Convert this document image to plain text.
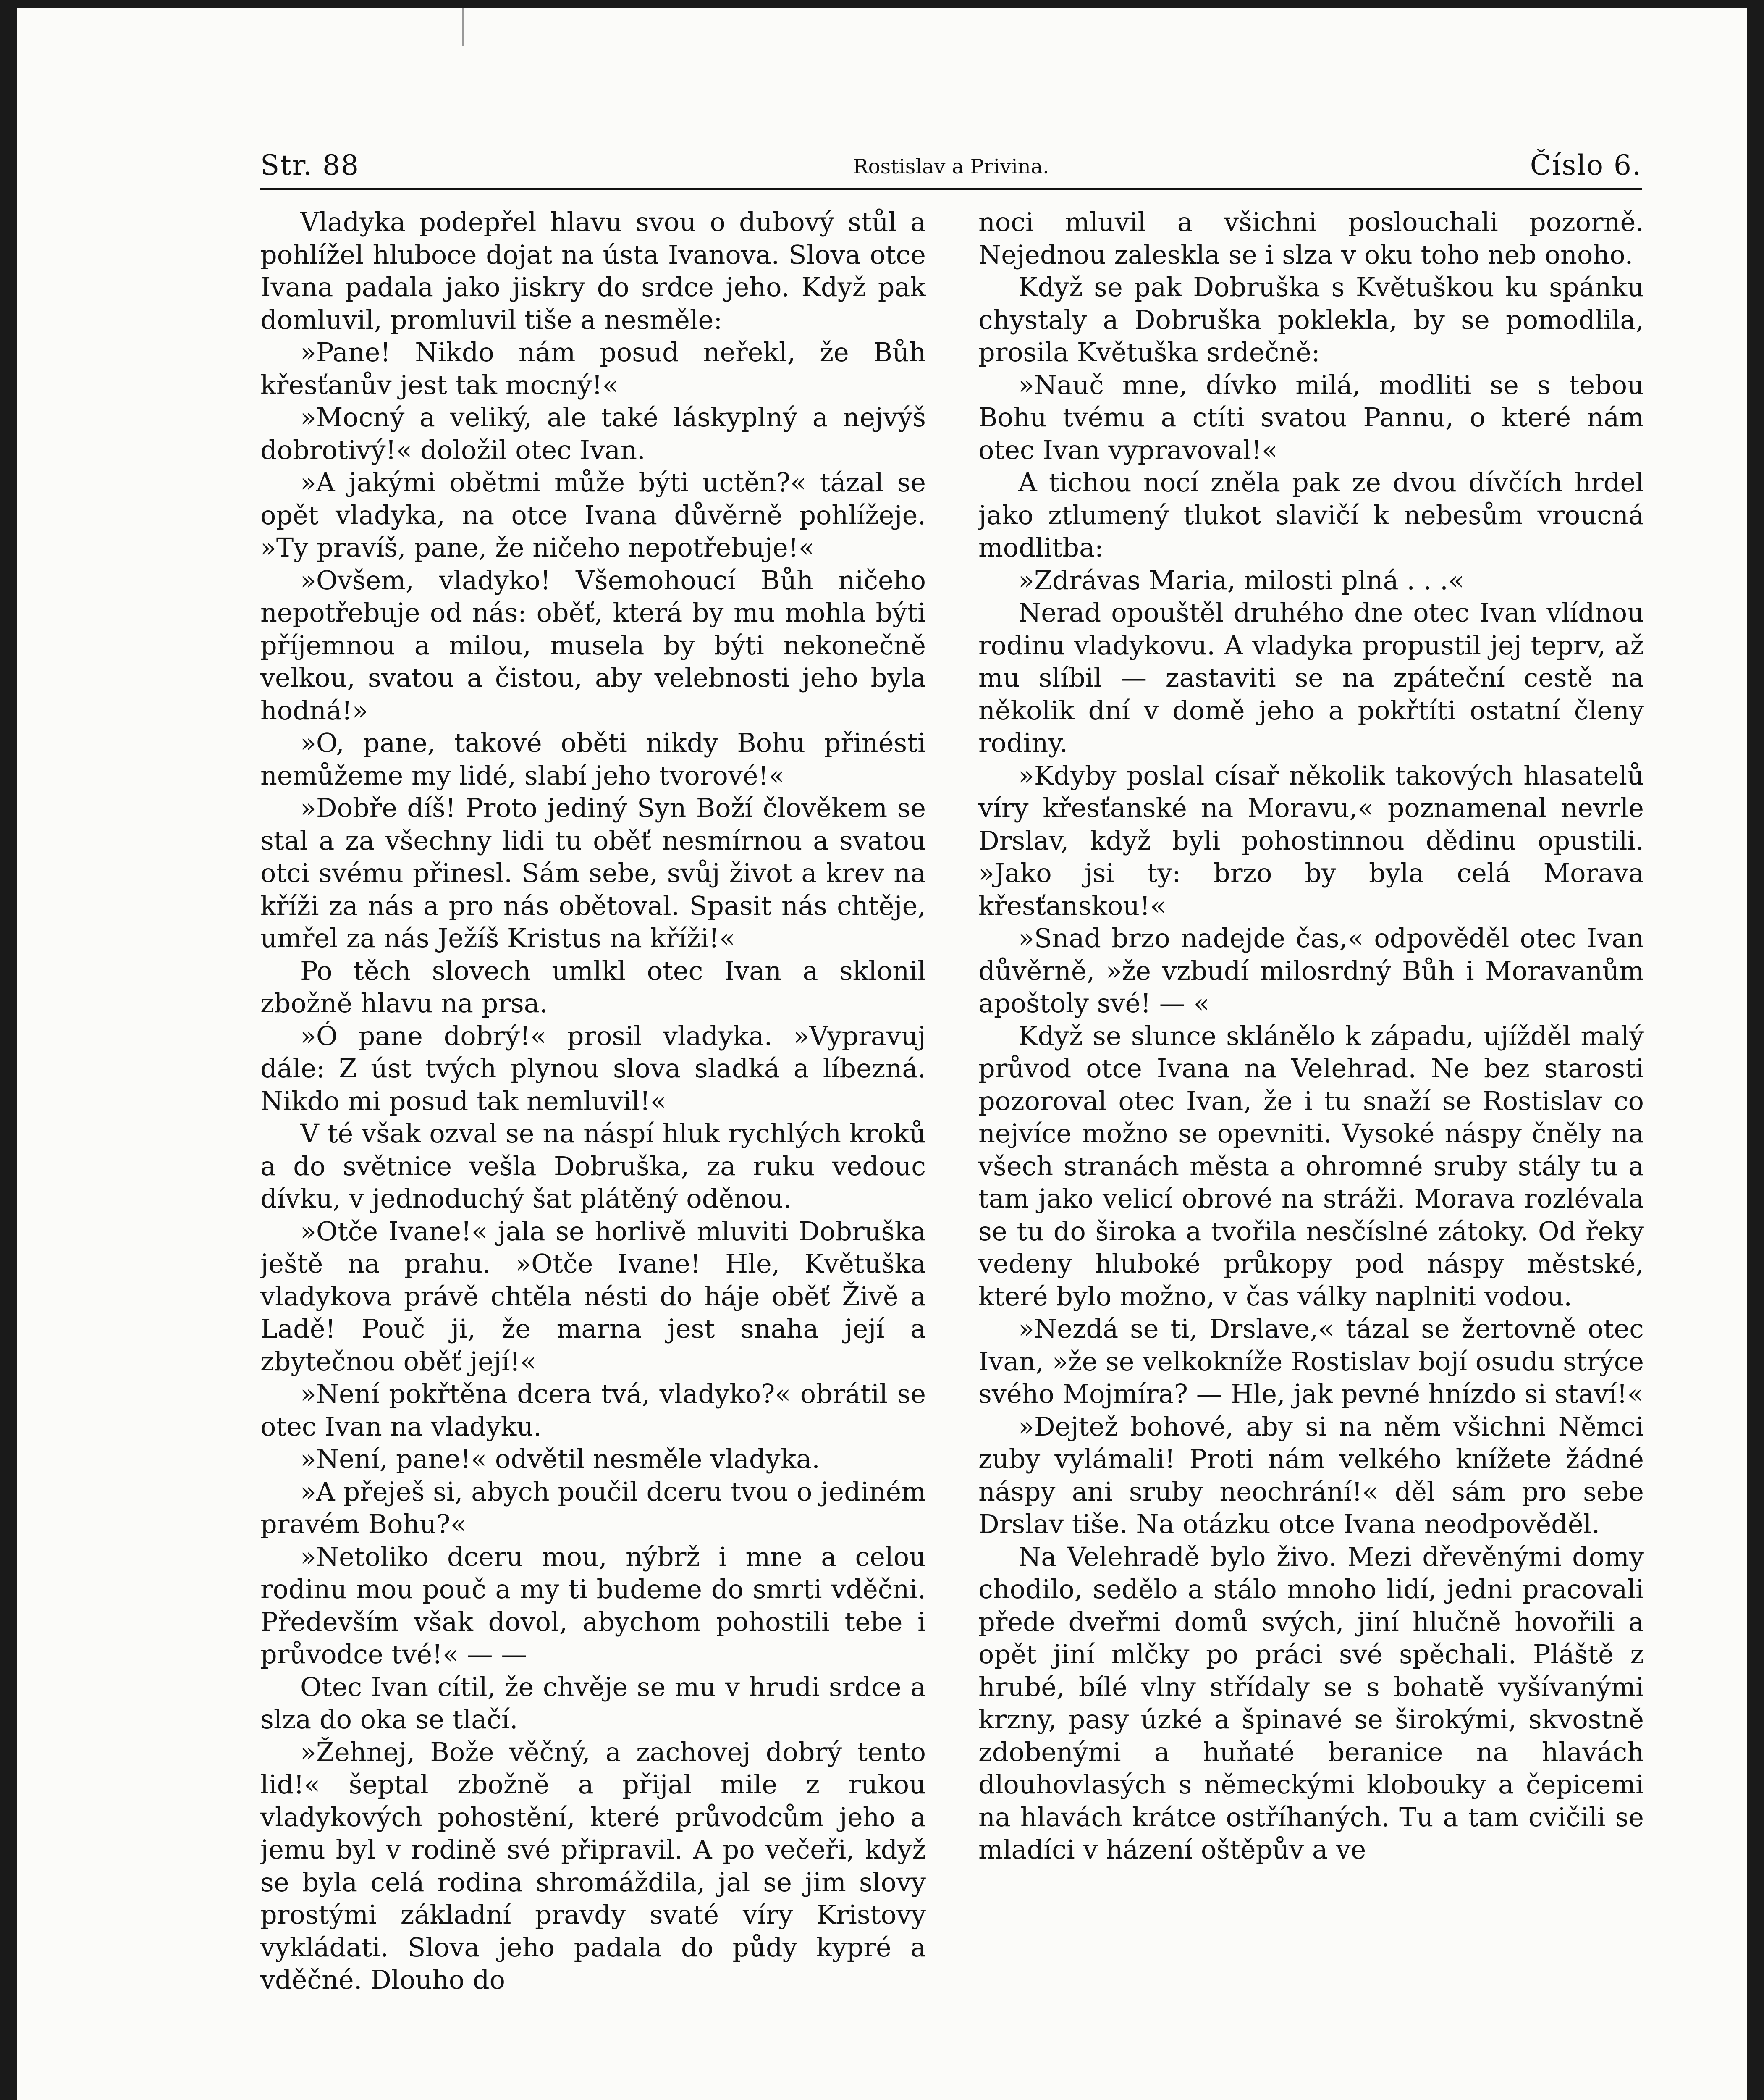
Str. 88	Rostislav a Privina.	Číslo 6.

Vladyka podepřel hlavu svou o dubový stůl a pohlížel hluboce dojat na ústa Ivanova. Slova otce Ivana padala jako jiskry do srdce jeho. Když pak domluvil, promluvil tiše a nesměle:

»Pane! Nikdo nám posud neřekl, že Bůh křesťanův jest tak mocný!«

»Mocný a veliký, ale také láskyplný a nejvýš dobrotivý!« doložil otec Ivan.

»A jakými obětmi může býti uctěn?« tázal se opět vladyka, na otce Ivana důvěrně pohlížeje. »Ty pravíš, pane, že ničeho nepotřebuje!«

»Ovšem, vladyko! Všemohoucí Bůh ničeho nepotřebuje od nás: oběť, která by mu mohla býti příjemnou a milou, musela by býti nekonečně velkou, svatou a čistou, aby velebnosti jeho byla hodná!»

»O, pane, takové oběti nikdy Bohu přinésti nemůžeme my lidé, slabí jeho tvorové!«

»Dobře díš! Proto jediný Syn Boží člověkem se stal a za všechny lidi tu oběť nesmírnou a svatou otci svému přinesl. Sám sebe, svůj život a krev na kříži za nás a pro nás obětoval. Spasit nás chtěje, umřel za nás Ježíš Kristus na kříži!«

Po těch slovech umlkl otec Ivan a sklonil zbožně hlavu na prsa.

»Ó pane dobrý!« prosil vladyka. »Vypravuj dále: Z úst tvých plynou slova sladká a líbezná. Nikdo mi posud tak nemluvil!«

V té však ozval se na náspí hluk rychlých kroků a do světnice vešla Dobruška, za ruku vedouc dívku, v jednoduchý šat plátěný oděnou.

»Otče Ivane!« jala se horlivě mluviti Dobruška ještě na prahu. »Otče Ivane! Hle, Květuška vladykova právě chtěla nésti do háje oběť Živě a Ladě! Pouč ji, že marna jest snaha její a zbytečnou oběť její!«

»Není pokřtěna dcera tvá, vladyko?« obrátil se otec Ivan na vladyku.

»Není, pane!« odvětil nesměle vladyka.

»A přeješ si, abych poučil dceru tvou o jediném pravém Bohu?«

»Netoliko dceru mou, nýbrž i mne a celou rodinu mou pouč a my ti budeme do smrti vděčni. Především však dovol, abychom pohostili tebe i průvodce tvé!« — —

Otec Ivan cítil, že chvěje se mu v hrudi srdce a slza do oka se tlačí.

»Žehnej, Bože věčný, a zachovej dobrý tento lid!« šeptal zbožně a přijal mile z rukou vladykových pohostění, které průvodcům jeho a jemu byl v rodině své připravil. A po večeři, když se byla celá rodina shromáždila, jal se jim slovy prostými základní pravdy svaté víry Kristovy vykládati. Slova jeho padala do půdy kypré a vděčné. Dlouho do

noci mluvil a všichni poslouchali pozorně. Nejednou zaleskla se i slza v oku toho neb onoho.

Když se pak Dobruška s Květuškou ku spánku chystaly a Dobruška poklekla, by se pomodlila, prosila Květuška srdečně:

»Nauč mne, dívko milá, modliti se s tebou Bohu tvému a ctíti svatou Pannu, o které nám otec Ivan vypravoval!«

A tichou nocí zněla pak ze dvou dívčích hrdel jako ztlumený tlukot slavičí k nebesům vroucná modlitba:

»Zdrávas Maria, milosti plná . . .«

Nerad opouštěl druhého dne otec Ivan vlídnou rodinu vladykovu. A vladyka propustil jej teprv, až mu slíbil — zastaviti se na zpáteční cestě na několik dní v domě jeho a pokřtíti ostatní členy rodiny.

»Kdyby poslal císař několik takových hlasatelů víry křesťanské na Moravu,« poznamenal nevrle Drslav, když byli pohostinnou dědinu opustili. »Jako jsi ty: brzo by byla celá Morava křesťanskou!«

»Snad brzo nadejde čas,« odpověděl otec Ivan důvěrně, »že vzbudí milosrdný Bůh i Moravanům apoštoly své! — «

Když se slunce sklánělo k západu, ujížděl malý průvod otce Ivana na Velehrad. Ne bez starosti pozoroval otec Ivan, že i tu snaží se Rostislav co nejvíce možno se opevniti. Vysoké náspy čněly na všech stranách města a ohromné sruby stály tu a tam jako velicí obrové na stráži. Morava rozlévala se tu do široka a tvořila nesčíslné zátoky. Od řeky vedeny hluboké průkopy pod náspy městské, které bylo možno, v čas války naplniti vodou.

»Nezdá se ti, Drslave,« tázal se žertovně otec Ivan, »že se velkokníže Rostislav bojí osudu strýce svého Mojmíra? — Hle, jak pevné hnízdo si staví!«

»Dejtež bohové, aby si na něm všichni Němci zuby vylámali! Proti nám velkého knížete žádné náspy ani sruby neochrání!« děl sám pro sebe Drslav tiše. Na otázku otce Ivana neodpověděl.

Na Velehradě bylo živo. Mezi dřevěnými domy chodilo, sedělo a stálo mnoho lidí, jedni pracovali přede dveřmi domů svých, jiní hlučně hovořili a opět jiní mlčky po práci své spěchali. Pláště z hrubé, bílé vlny střídaly se s bohatě vyšívanými krzny, pasy úzké a špinavé se širokými, skvostně zdobenými a huňaté beranice na hlavách dlouhovlasých s německými klobouky a čepicemi na hlavách krátce ostříhaných. Tu a tam cvičili se mladíci v házení oštěpův a ve
